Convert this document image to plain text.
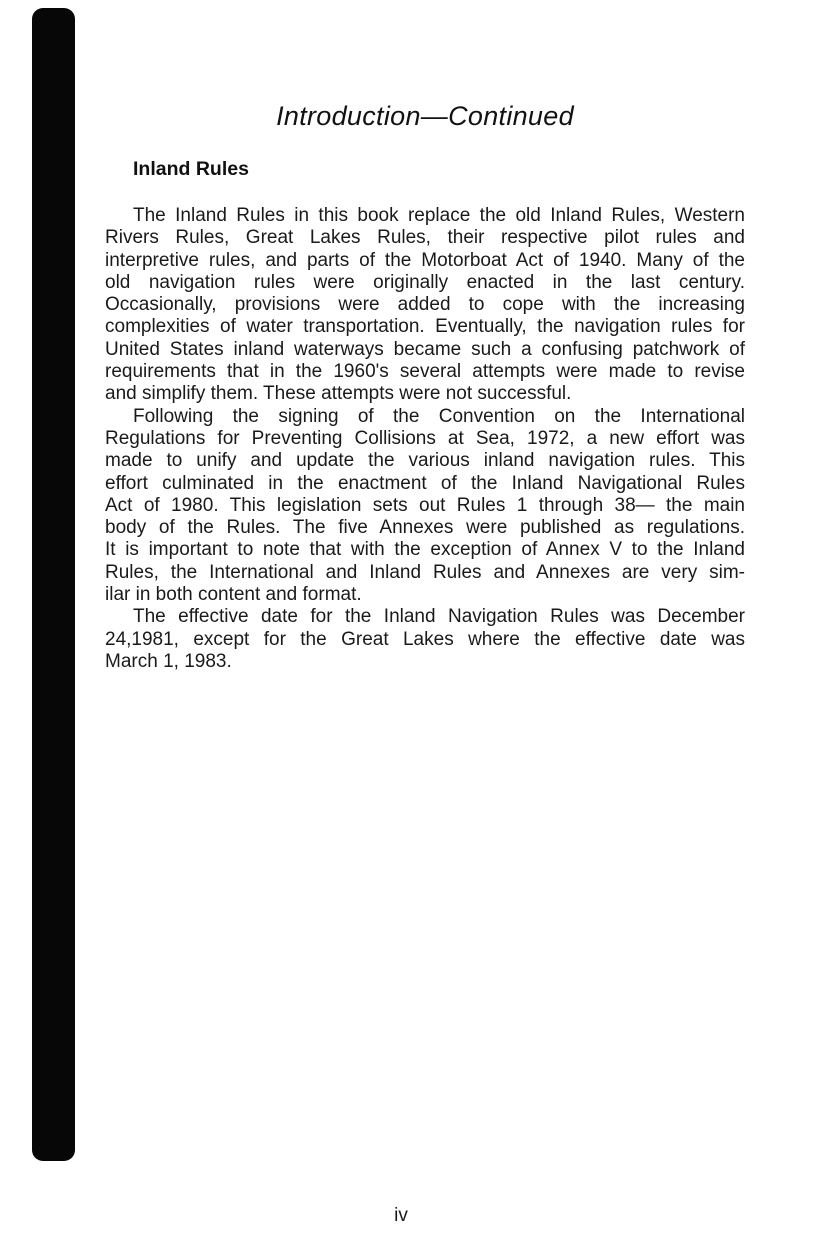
Introduction—Continued
Inland Rules
The Inland Rules in this book replace the old Inland Rules, Western
Rivers Rules, Great Lakes Rules, their respective pilot rules and
interpretive rules, and parts of the Motorboat Act of 1940. Many of the
old navigation rules were originally enacted in the last century.
Occasionally, provisions were added to cope with the increasing
complexities of water transportation. Eventually, the navigation rules for
United States inland waterways became such a confusing patchwork of
requirements that in the 1960's several attempts were made to revise
and simplify them. These attempts were not successful.
Following the signing of the Convention on the International
Regulations for Preventing Collisions at Sea, 1972, a new effort was
made to unify and update the various inland navigation rules. This
effort culminated in the enactment of the Inland Navigational Rules
Act of 1980. This legislation sets out Rules 1 through 38— the main
body of the Rules. The five Annexes were published as regulations.
It is important to note that with the exception of Annex V to the Inland
Rules, the International and Inland Rules and Annexes are very sim-
ilar in both content and format.
The effective date for the Inland Navigation Rules was December
24,1981, except for the Great Lakes where the effective date was
March 1, 1983.
iv
